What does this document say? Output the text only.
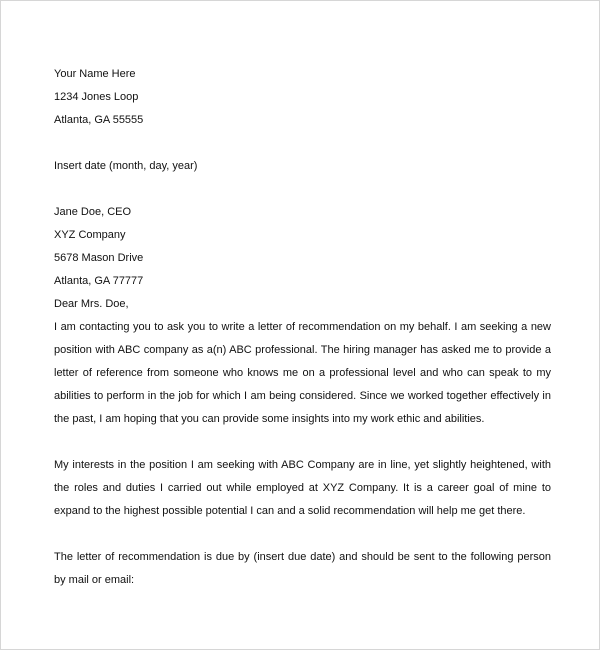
Your Name Here
1234 Jones Loop
Atlanta, GA 55555
Insert date (month, day, year)
Jane Doe, CEO
XYZ Company
5678 Mason Drive
Atlanta, GA 77777
Dear Mrs. Doe,

I am contacting you to ask you to write a letter of recommendation on my behalf. I am seeking a new position with ABC company as a(n) ABC professional. The hiring manager has asked me to provide a letter of reference from someone who knows me on a professional level and who can speak to my abilities to perform in the job for which I am being considered. Since we worked together effectively in the past, I am hoping that you can provide some insights into my work ethic and abilities.

My interests in the position I am seeking with ABC Company are in line, yet slightly heightened, with the roles and duties I carried out while employed at XYZ Company. It is a career goal of mine to expand to the highest possible potential I can and a solid recommendation will help me get there.

The letter of recommendation is due by (insert due date) and should be sent to the following person by mail or email:
